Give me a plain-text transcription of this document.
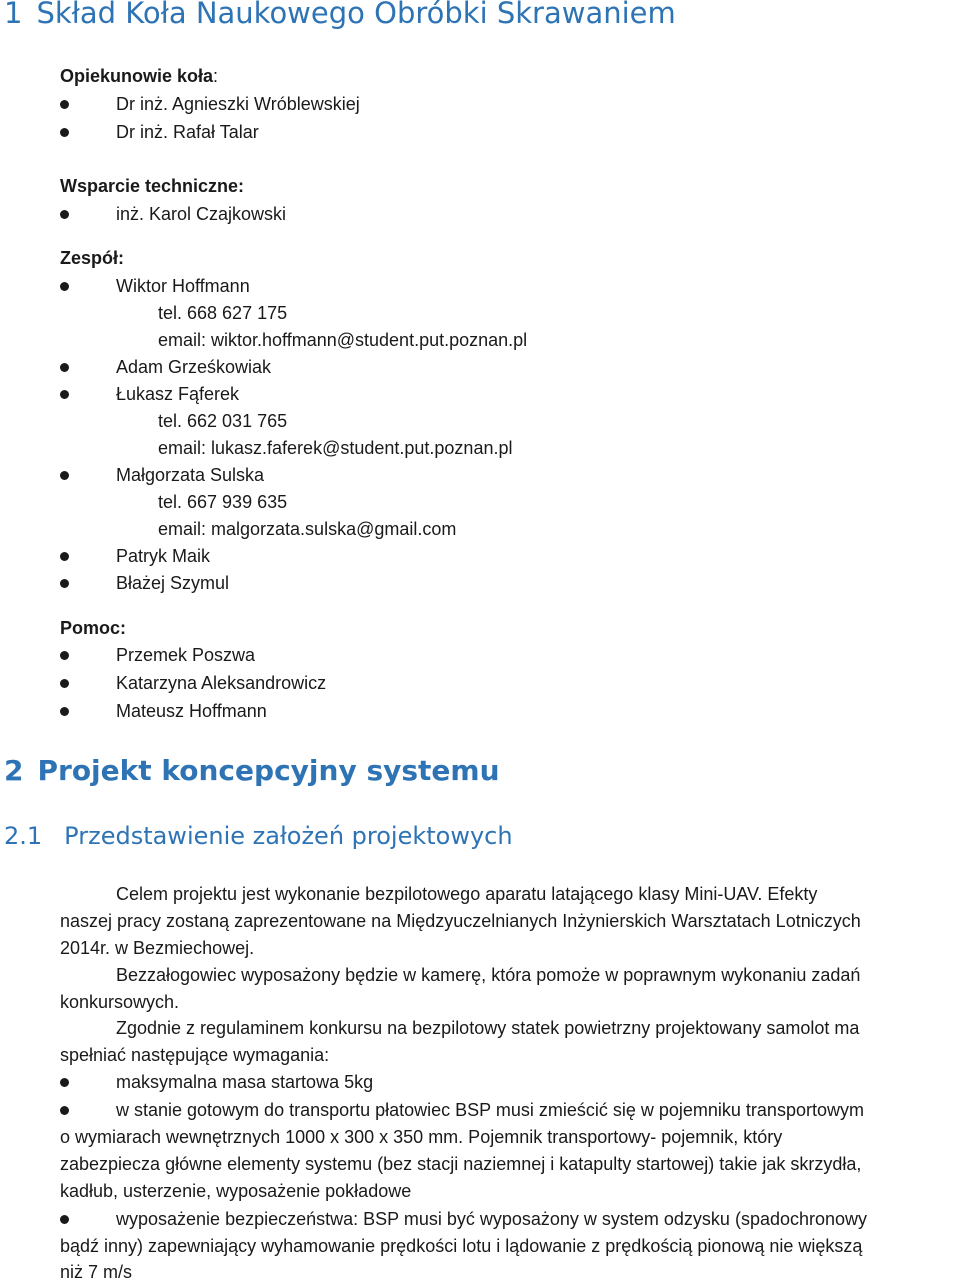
1 Skład Koła Naukowego Obróbki Skrawaniem
Opiekunowie koła:
Dr inż. Agnieszki Wróblewskiej
Dr inż. Rafał Talar
Wsparcie techniczne:
inż. Karol Czajkowski
Zespół:
Wiktor Hoffmann
tel. 668 627 175
email: wiktor.hoffmann@student.put.poznan.pl
Adam Grześkowiak
Łukasz Fąferek
tel. 662 031 765
email: lukasz.faferek@student.put.poznan.pl
Małgorzata Sulska
tel. 667 939 635
email: malgorzata.sulska@gmail.com
Patryk Maik
Błażej Szymul
Pomoc:
Przemek Poszwa
Katarzyna Aleksandrowicz
Mateusz Hoffmann
2 Projekt koncepcyjny systemu
2.1 Przedstawienie założeń projektowych
Celem projektu jest wykonanie bezpilotowego aparatu latającego klasy Mini-UAV. Efekty
naszej pracy zostaną zaprezentowane na Międzyuczelnianych Inżynierskich Warsztatach Lotniczych
2014r. w Bezmiechowej.
Bezzałogowiec wyposażony będzie w kamerę, która pomoże w poprawnym wykonaniu zadań
konkursowych.
Zgodnie z regulaminem konkursu na bezpilotowy statek powietrzny projektowany samolot ma
spełniać następujące wymagania:
maksymalna masa startowa 5kg
w stanie gotowym do transportu płatowiec BSP musi zmieścić się w pojemniku transportowym
o wymiarach wewnętrznych 1000 x 300 x 350 mm. Pojemnik transportowy- pojemnik, który
zabezpiecza główne elementy systemu (bez stacji naziemnej i katapulty startowej) takie jak skrzydła,
kadłub, usterzenie, wyposażenie pokładowe
wyposażenie bezpieczeństwa: BSP musi być wyposażony w system odzysku (spadochronowy
bądź inny) zapewniający wyhamowanie prędkości lotu i lądowanie z prędkością pionową nie większą
niż 7 m/s
